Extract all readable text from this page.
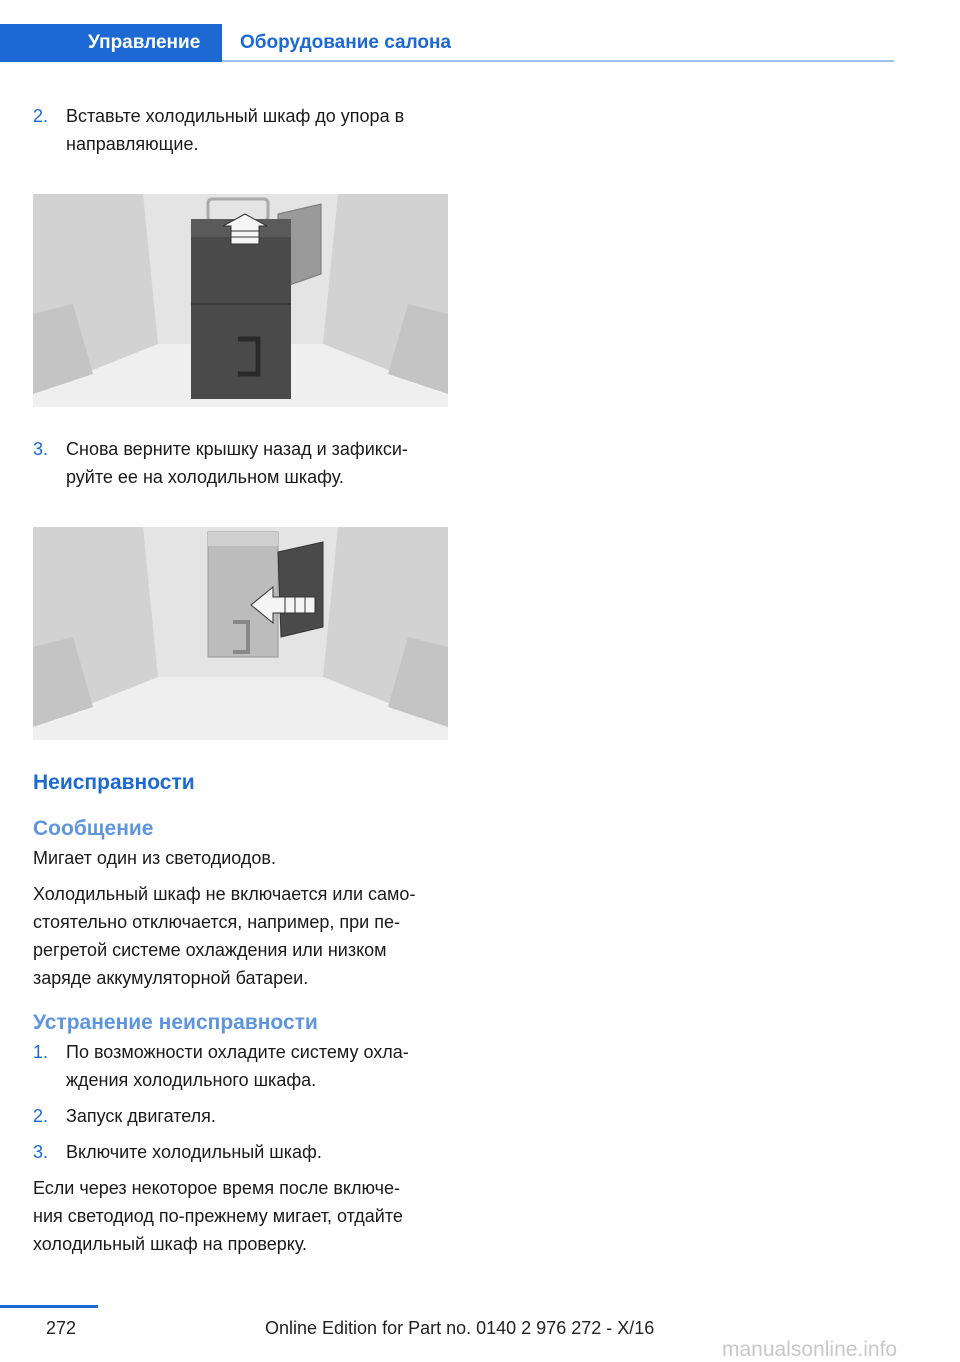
Управление	Оборудование салона
2. Вставьте холодильный шкаф до упора в
направляющие.
3. Снова верните крышку назад и зафикси‐
руйте ее на холодильном шкафу.
Неисправности
Сообщение

Мигает один из светодиодов.

Холодильный шкаф не включается или само‐
стоятельно отключается, например, при пе‐
регретой системе охлаждения или низком
заряде аккумуляторной батареи.

Устранение неисправности
1. По возможности охладите систему охла‐
ждения холодильного шкафа.
2. Запуск двигателя.
3. Включите холодильный шкаф.

Если через некоторое время после включе‐
ния светодиод по-прежнему мигает, отдайте
холодильный шкаф на проверку.

272	Online Edition for Part no. 0140 2 976 272 - X/16
manualsonline.info
